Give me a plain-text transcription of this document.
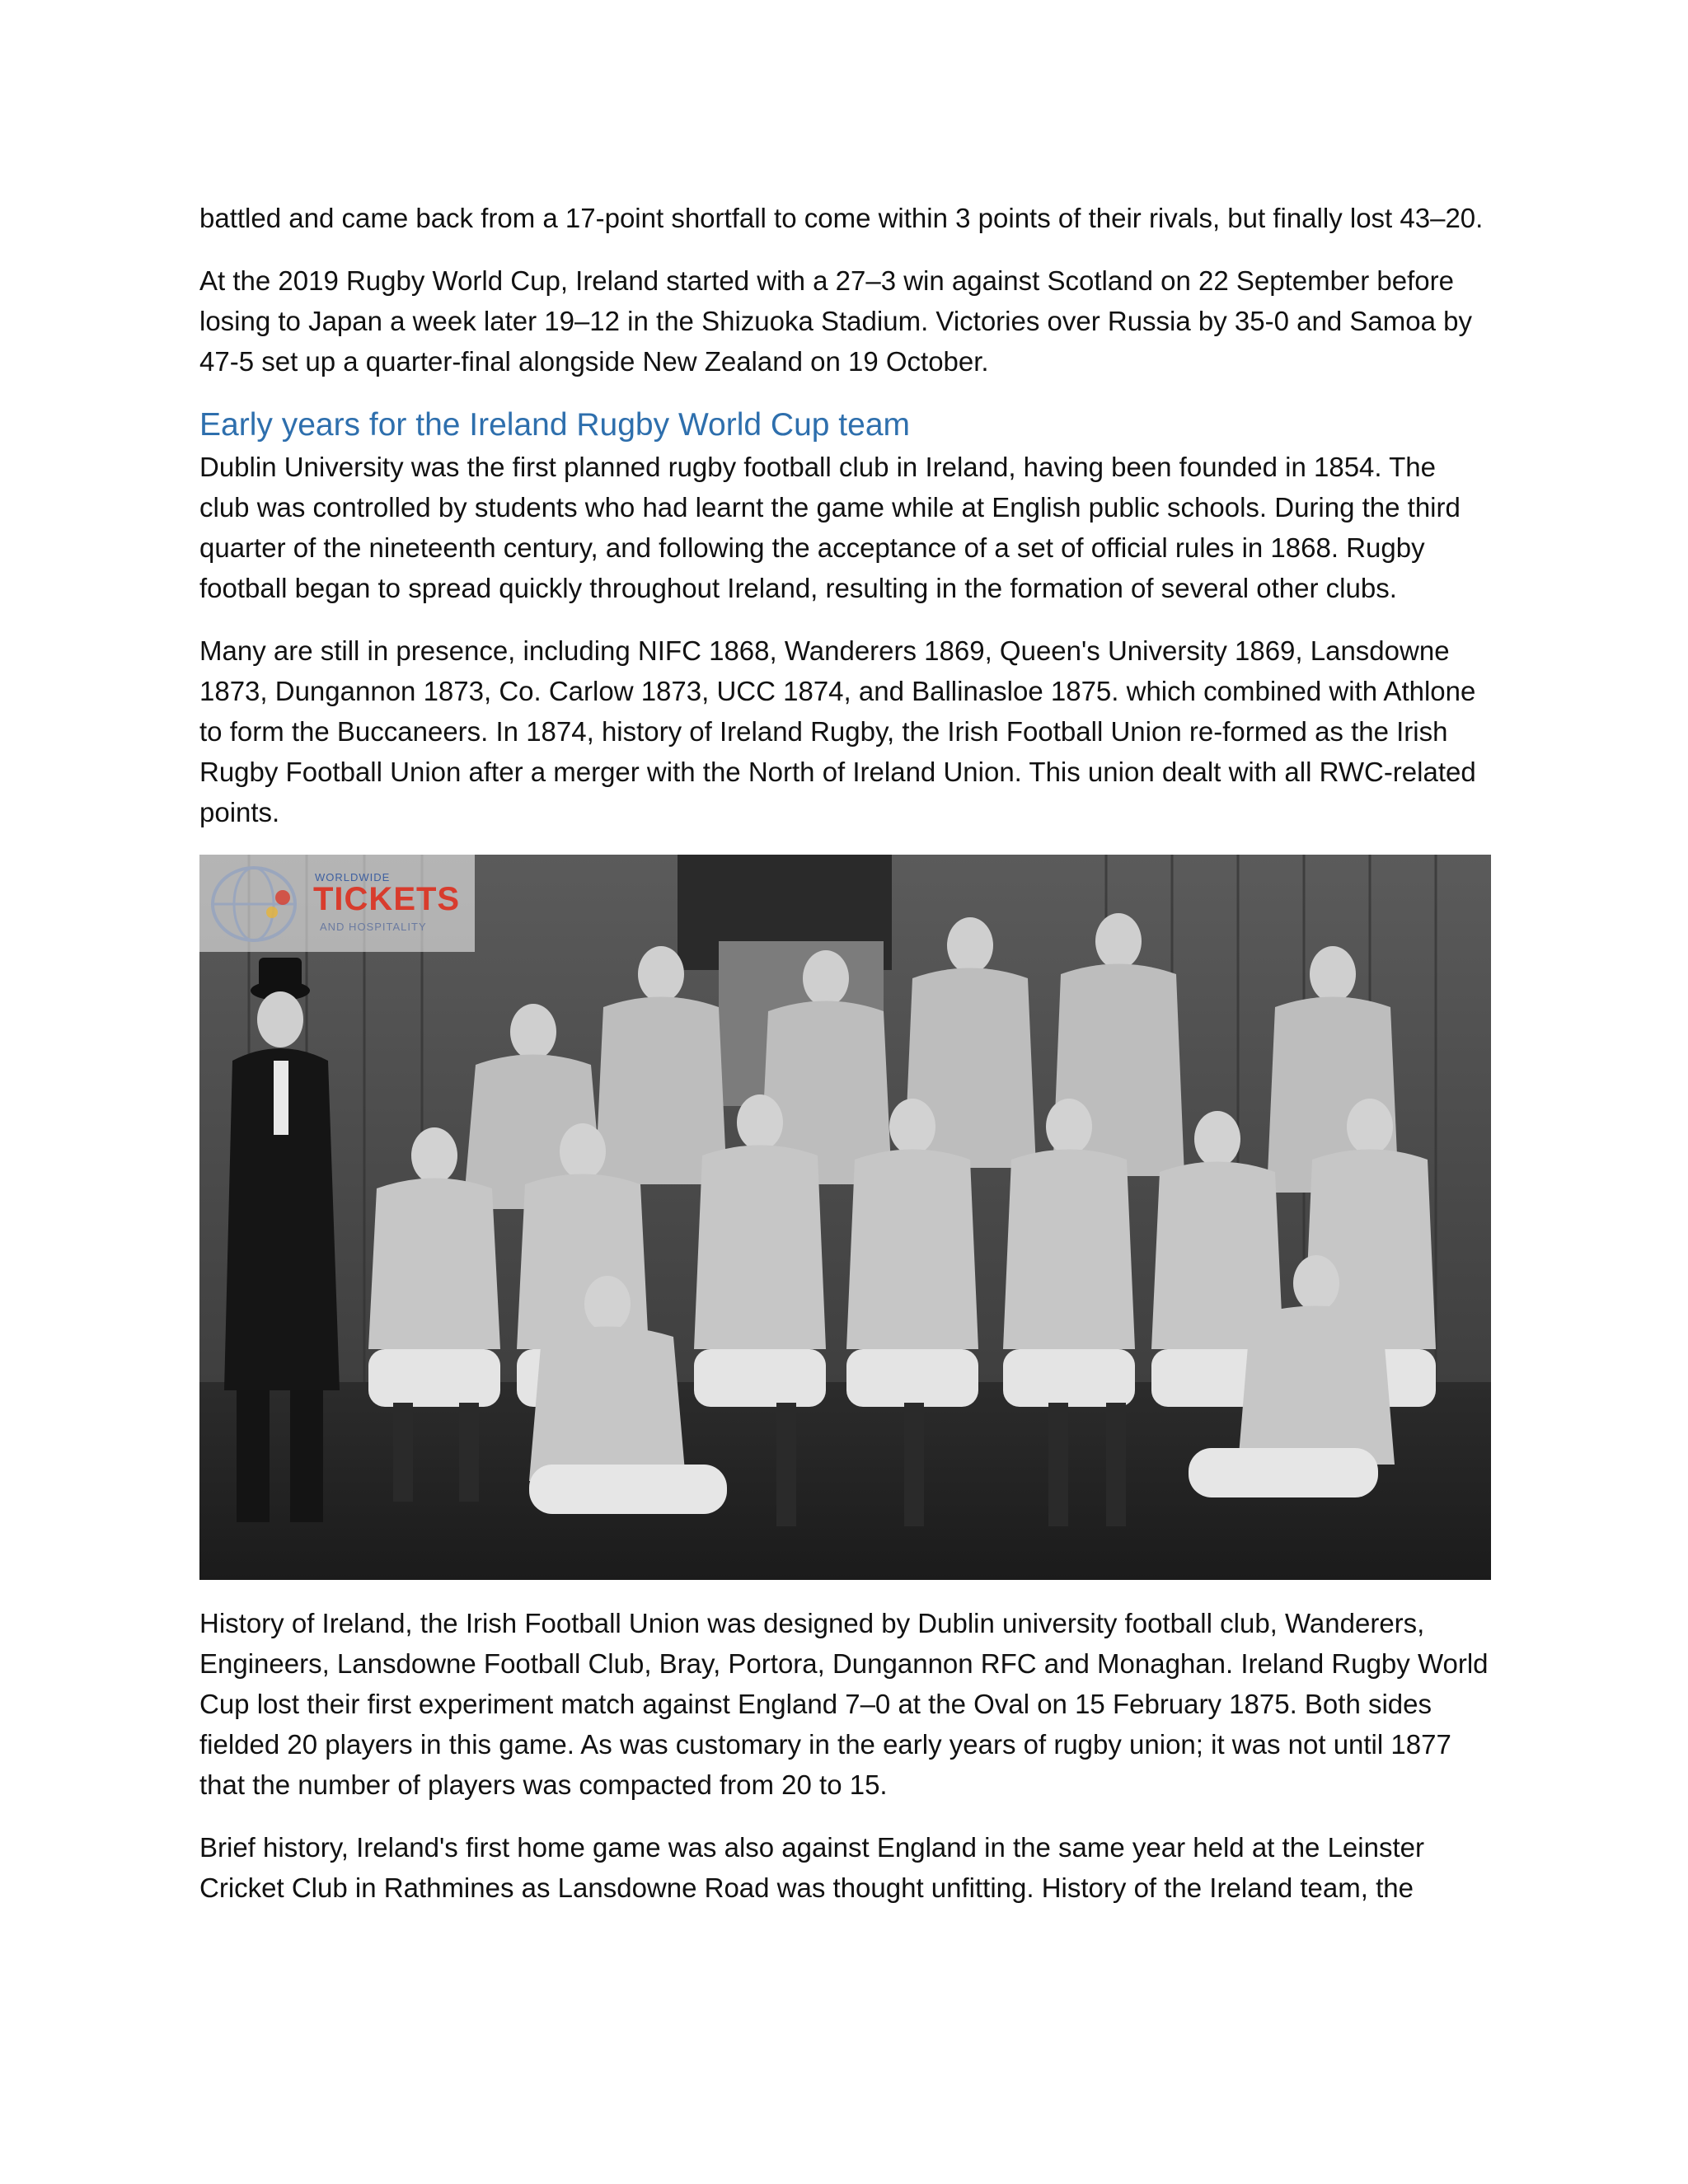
battled and came back from a 17-point shortfall to come within 3 points of their rivals, but finally lost 43–20.

At the 2019 Rugby World Cup, Ireland started with a 27–3 win against Scotland on 22 September before losing to Japan a week later 19–12 in the Shizuoka Stadium. Victories over Russia by 35-0 and Samoa by 47-5 set up a quarter-final alongside New Zealand on 19 October.

Early years for the Ireland Rugby World Cup team

Dublin University was the first planned rugby football club in Ireland, having been founded in 1854. The club was controlled by students who had learnt the game while at English public schools. During the third quarter of the nineteenth century, and following the acceptance of a set of official rules in 1868. Rugby football began to spread quickly throughout Ireland, resulting in the formation of several other clubs.

Many are still in presence, including NIFC 1868, Wanderers 1869, Queen's University 1869, Lansdowne 1873, Dungannon 1873, Co. Carlow 1873, UCC 1874, and Ballinasloe 1875. which combined with Athlone to form the Buccaneers. In 1874, history of Ireland Rugby, the Irish Football Union re-formed as the Irish Rugby Football Union after a merger with the North of Ireland Union. This union dealt with all RWC-related points.

WORLDWIDE
TICKETS
AND HOSPITALITY

History of Ireland, the Irish Football Union was designed by Dublin university football club, Wanderers, Engineers, Lansdowne Football Club, Bray, Portora, Dungannon RFC and Monaghan. Ireland Rugby World Cup lost their first experiment match against England 7–0 at the Oval on 15 February 1875. Both sides fielded 20 players in this game. As was customary in the early years of rugby union; it was not until 1877 that the number of players was compacted from 20 to 15.

Brief history, Ireland's first home game was also against England in the same year held at the Leinster Cricket Club in Rathmines as Lansdowne Road was thought unfitting. History of the Ireland team, the
